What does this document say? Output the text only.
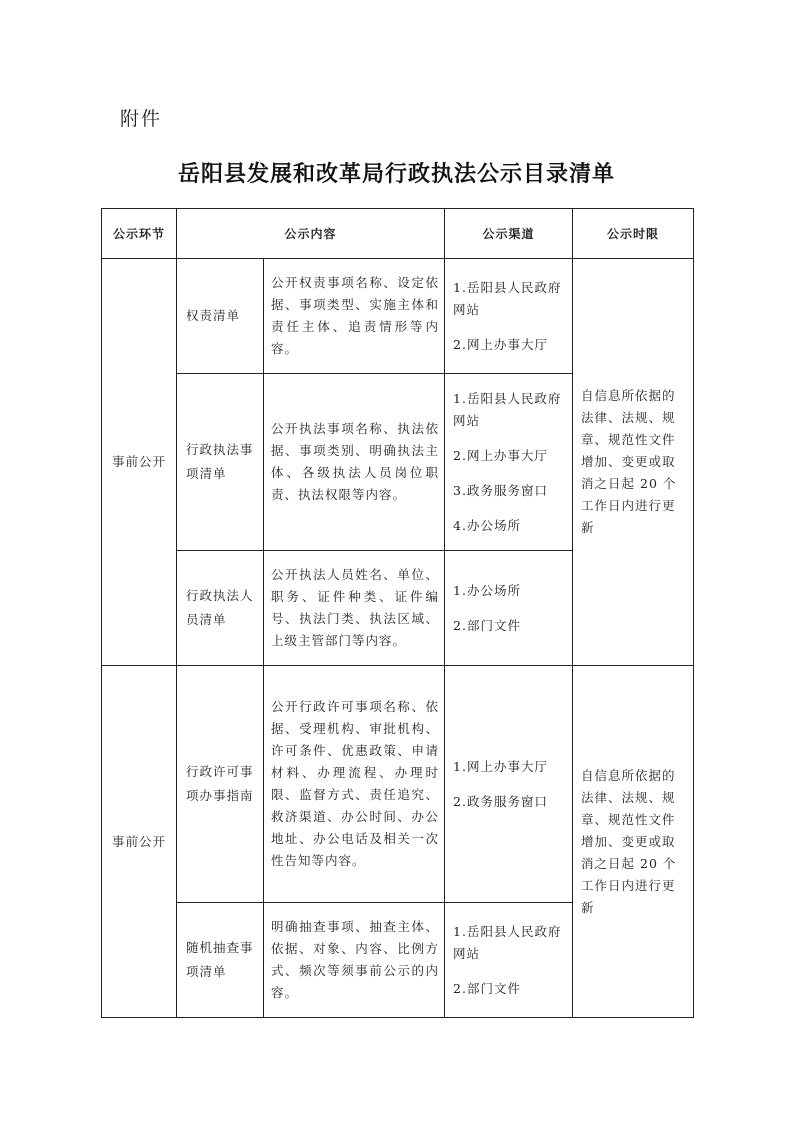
附件
岳阳县发展和改革局行政执法公示目录清单
公示环节	公示内容		公示渠道	公示时限
事前公开	权责清单	公开权责事项名称、设定依据、事项类型、实施主体和责任主体、追责情形等内容。	1.岳阳县人民政府网站

2.网上办事大厅	自信息所依据的法律、法规、规章、规范性文件增加、变更或取消之日起 20 个工作日内进行更新
	行政执法事项清单	公开执法事项名称、执法依据、事项类别、明确执法主体、各级执法人员岗位职责、执法权限等内容。	1.岳阳县人民政府网站

2.网上办事大厅

3.政务服务窗口

4.办公场所	

	行政执法人员清单	公开执法人员姓名、单位、职务、证件种类、证件编号、执法门类、执法区域、上级主管部门等内容。	1.办公场所

2.部门文件	

事前公开	行政许可事项办事指南	公开行政许可事项名称、依据、受理机构、审批机构、许可条件、优惠政策、申请材料、办理流程、办理时限、监督方式、责任追究、救济渠道、办公时间、办公地址、办公电话及相关一次性告知等内容。	1.网上办事大厅

2.政务服务窗口	自信息所依据的法律、法规、规章、规范性文件增加、变更或取消之日起 20 个工作日内进行更新
	随机抽查事项清单	明确抽查事项、抽查主体、依据、对象、内容、比例方式、频次等须事前公示的内容。	1.岳阳县人民政府网站

2.部门文件	
